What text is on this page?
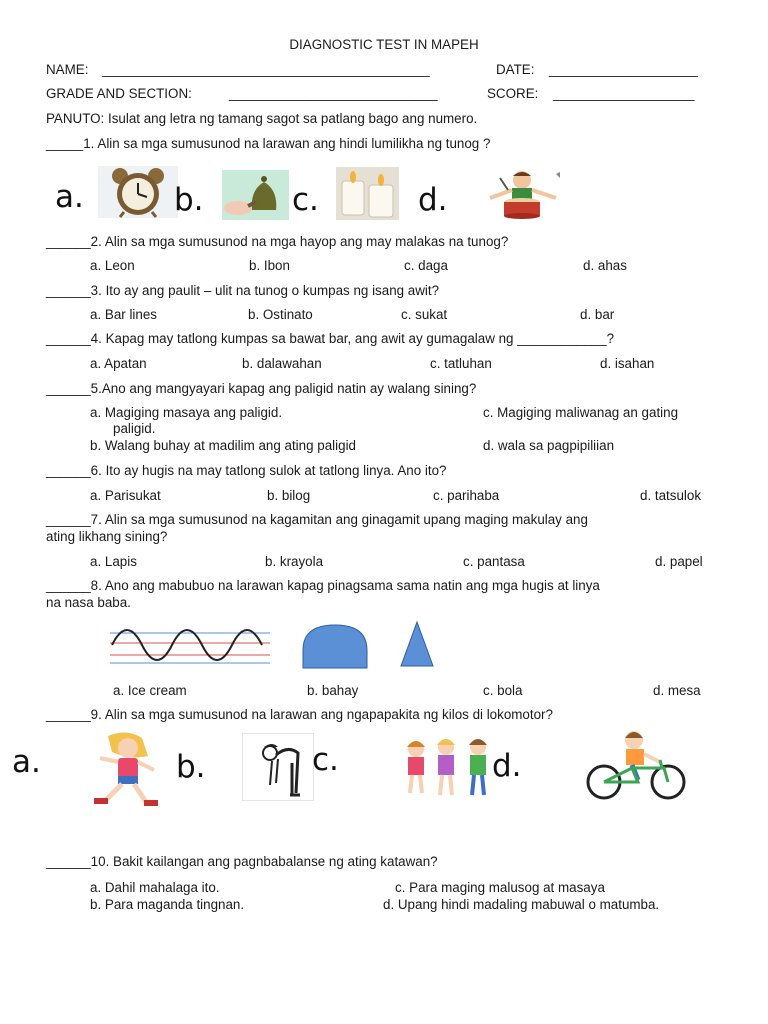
DIAGNOSTIC TEST IN MAPEH
NAME: ____________________________________________	DATE: ____________________
GRADE AND SECTION:	____________________________	SCORE: ___________________
PANUTO: Isulat ang letra ng tamang sagot sa patlang bago ang numero.
_____1. Alin sa mga sumusunod na larawan ang hindi lumilikha ng tunog ?
a.	b.	c.	d.
______2. Alin sa mga sumusunod na mga hayop ang may malakas na tunog?
a. Leon	b. Ibon	c. daga	d. ahas
______3. Ito ay ang paulit – ulit na tunog o kumpas ng isang awit?
a. Bar lines	b. Ostinato	c. sukat	d. bar
______4. Kapag may tatlong kumpas sa bawat bar, ang awit ay gumagalaw ng ____________?
a. Apatan	b. dalawahan	c. tatluhan	d. isahan
______5.Ano ang mangyayari kapag ang paligid natin ay walang sining?
a. Magiging masaya ang paligid.	c. Magiging maliwanag an gating
paligid.
b. Walang buhay at madilim ang ating paligid	d. wala sa pagpipiliian
______6. Ito ay hugis na may tatlong sulok at tatlong linya. Ano ito?
a. Parisukat	b. bilog	c. parihaba	d. tatsulok
______7. Alin sa mga sumusunod na kagamitan ang ginagamit upang maging makulay ang
ating likhang sining?
a. Lapis	b. krayola	c. pantasa	d. papel
______8. Ano ang mabubuo na larawan kapag pinagsama sama natin ang mga hugis at linya
na nasa baba.
a. Ice cream	b. bahay	c. bola	d. mesa
______9. Alin sa mga sumusunod na larawan ang ngapapakita ng kilos di lokomotor?
a.	b.	c.	d.
______10. Bakit kailangan ang pagnbabalanse ng ating katawan?
a. Dahil mahalaga ito.	c. Para maging malusog at masaya
b. Para maganda tingnan.	d. Upang hindi madaling mabuwal o matumba.
